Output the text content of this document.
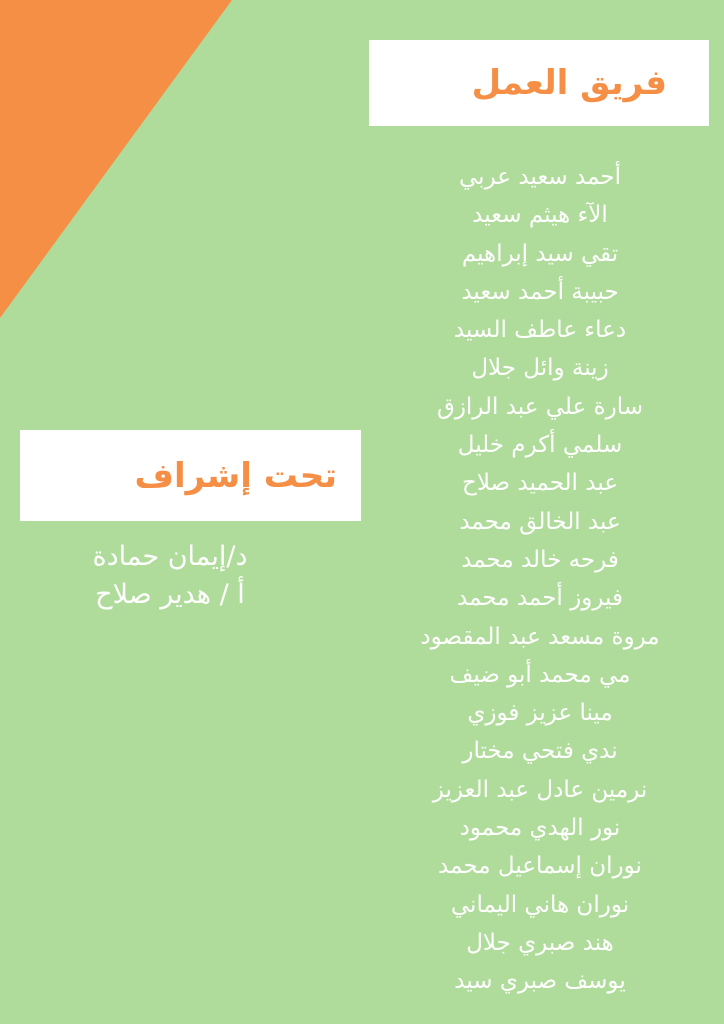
فريق العمل
أحمد سعيد عربي
الآء هيثم سعيد
تقي سيد إبراهيم
حبيبة أحمد سعيد
دعاء عاطف السيد
زينة وائل جلال
سارة علي عبد الرازق
سلمي أكرم خليل
عبد الحميد صلاح
عبد الخالق محمد
فرحه خالد محمد
فيروز أحمد محمد
مروة مسعد عبد المقصود
مي محمد أبو ضيف
مينا عزيز فوزي
ندي فتحي مختار
نرمين عادل عبد العزيز
نور الهدي محمود
نوران إسماعيل محمد
نوران هاني اليماني
هند صبري جلال
يوسف صبري سيد
تحت إشراف
د/إيمان حمادة
أ / هدير صلاح
